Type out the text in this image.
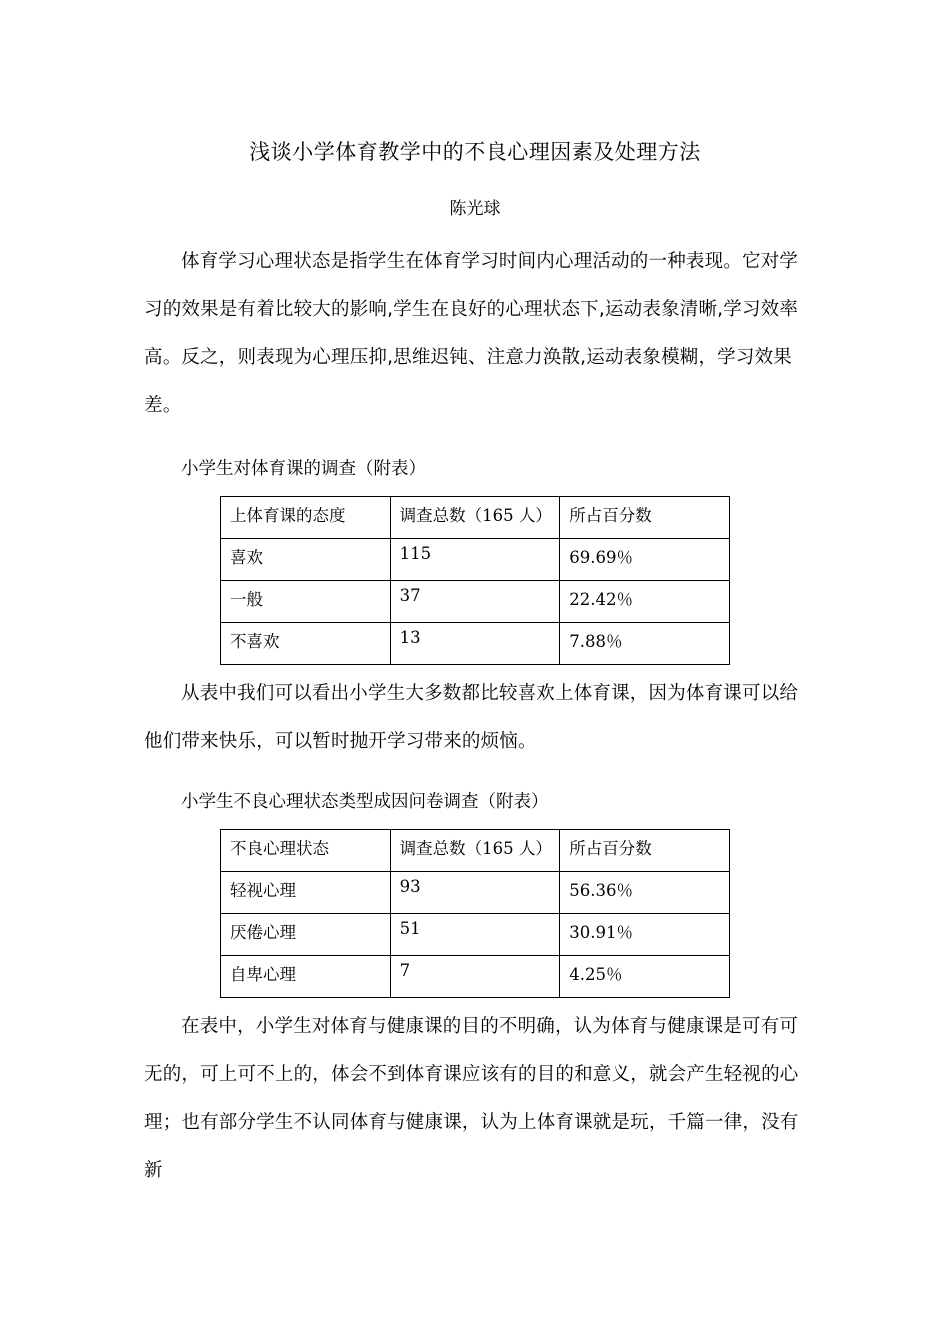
浅谈小学体育教学中的不良心理因素及处理方法
陈光球

体育学习心理状态是指学生在体育学习时间内心理活动的一种表现。它对学习的效果是有着比较大的影响,学生在良好的心理状态下,运动表象清晰,学习效率高。反之，则表现为心理压抑,思维迟钝、注意力涣散,运动表象模糊，学习效果差。

小学生对体育课的调查（附表）
上体育课的态度	调查总数（165 人）	所占百分数
喜欢	115	69.69％
一般	37	22.42％
不喜欢	13	7.88％

从表中我们可以看出小学生大多数都比较喜欢上体育课，因为体育课可以给他们带来快乐，可以暂时抛开学习带来的烦恼。

小学生不良心理状态类型成因问卷调查（附表）
不良心理状态	调查总数（165 人）	所占百分数
轻视心理	93	56.36％
厌倦心理	51	30.91％
自卑心理	7	4.25％

在表中，小学生对体育与健康课的目的不明确，认为体育与健康课是可有可无的，可上可不上的，体会不到体育课应该有的目的和意义，就会产生轻视的心理；也有部分学生不认同体育与健康课，认为上体育课就是玩，千篇一律，没有新
